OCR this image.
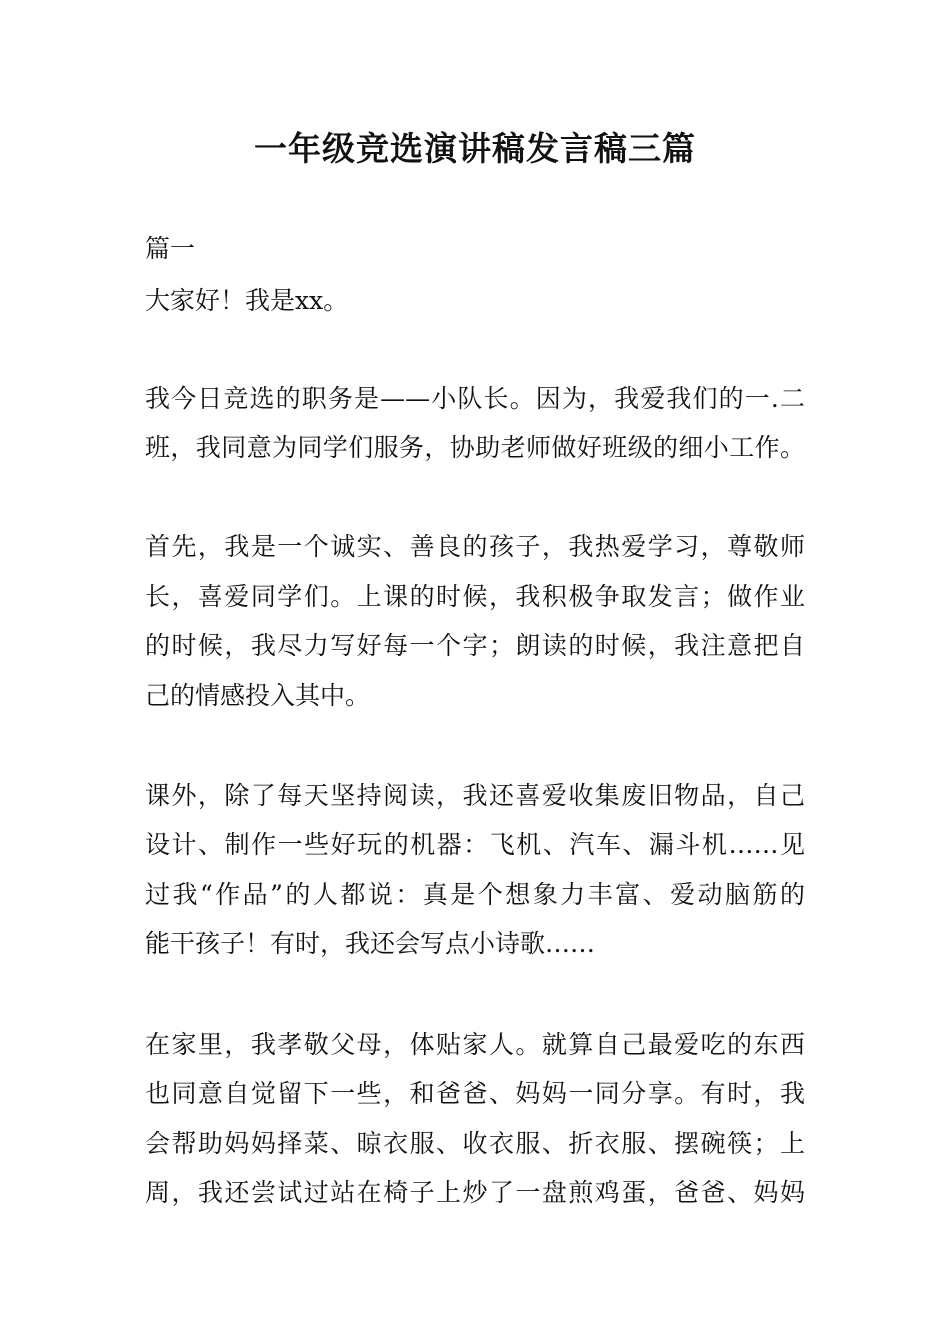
一年级竞选演讲稿发言稿三篇

篇一

大家好！我是xx。

我今日竞选的职务是——小队长。因为，我爱我们的一.二

班，我同意为同学们服务，协助老师做好班级的细小工作。

首先，我是一个诚实、善良的孩子，我热爱学习，尊敬师

长，喜爱同学们。上课的时候，我积极争取发言；做作业

的时候，我尽力写好每一个字；朗读的时候，我注意把自

己的情感投入其中。

课外，除了每天坚持阅读，我还喜爱收集废旧物品，自己

设计、制作一些好玩的机器：飞机、汽车、漏斗机……见

过我“作品”的人都说：真是个想象力丰富、爱动脑筋的

能干孩子！有时，我还会写点小诗歌……

在家里，我孝敬父母，体贴家人。就算自己最爱吃的东西

也同意自觉留下一些，和爸爸、妈妈一同分享。有时，我

会帮助妈妈择菜、晾衣服、收衣服、折衣服、摆碗筷；上

周，我还尝试过站在椅子上炒了一盘煎鸡蛋，爸爸、妈妈
